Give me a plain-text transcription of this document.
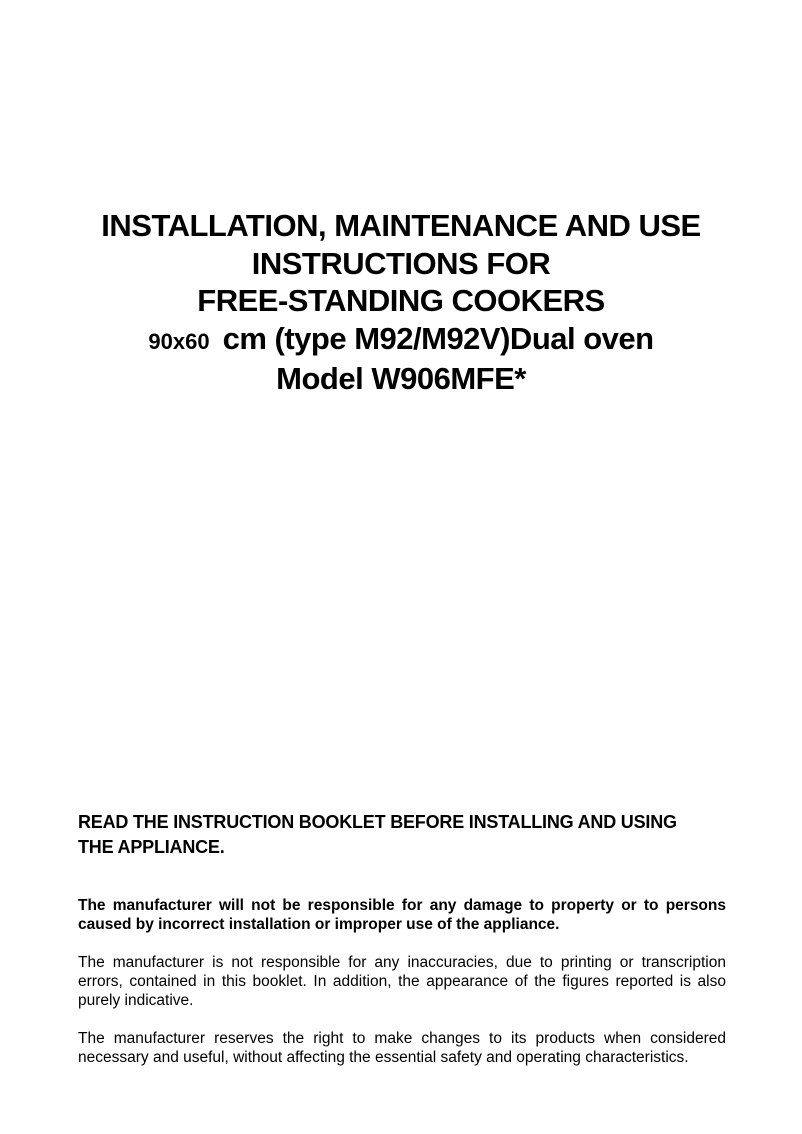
INSTALLATION, MAINTENANCE AND USE
INSTRUCTIONS FOR
FREE-STANDING COOKERS
90x60 cm (type M92/M92V)Dual oven
Model W906MFE*
READ THE INSTRUCTION BOOKLET BEFORE INSTALLING AND USING
THE APPLIANCE.

The manufacturer will not be responsible for any damage to property or to persons caused by incorrect installation or improper use of the appliance.

The manufacturer is not responsible for any inaccuracies, due to printing or transcription errors, contained in this booklet. In addition, the appearance of the figures reported is also purely indicative.

The manufacturer reserves the right to make changes to its products when considered necessary and useful, without affecting the essential safety and operating characteristics.
